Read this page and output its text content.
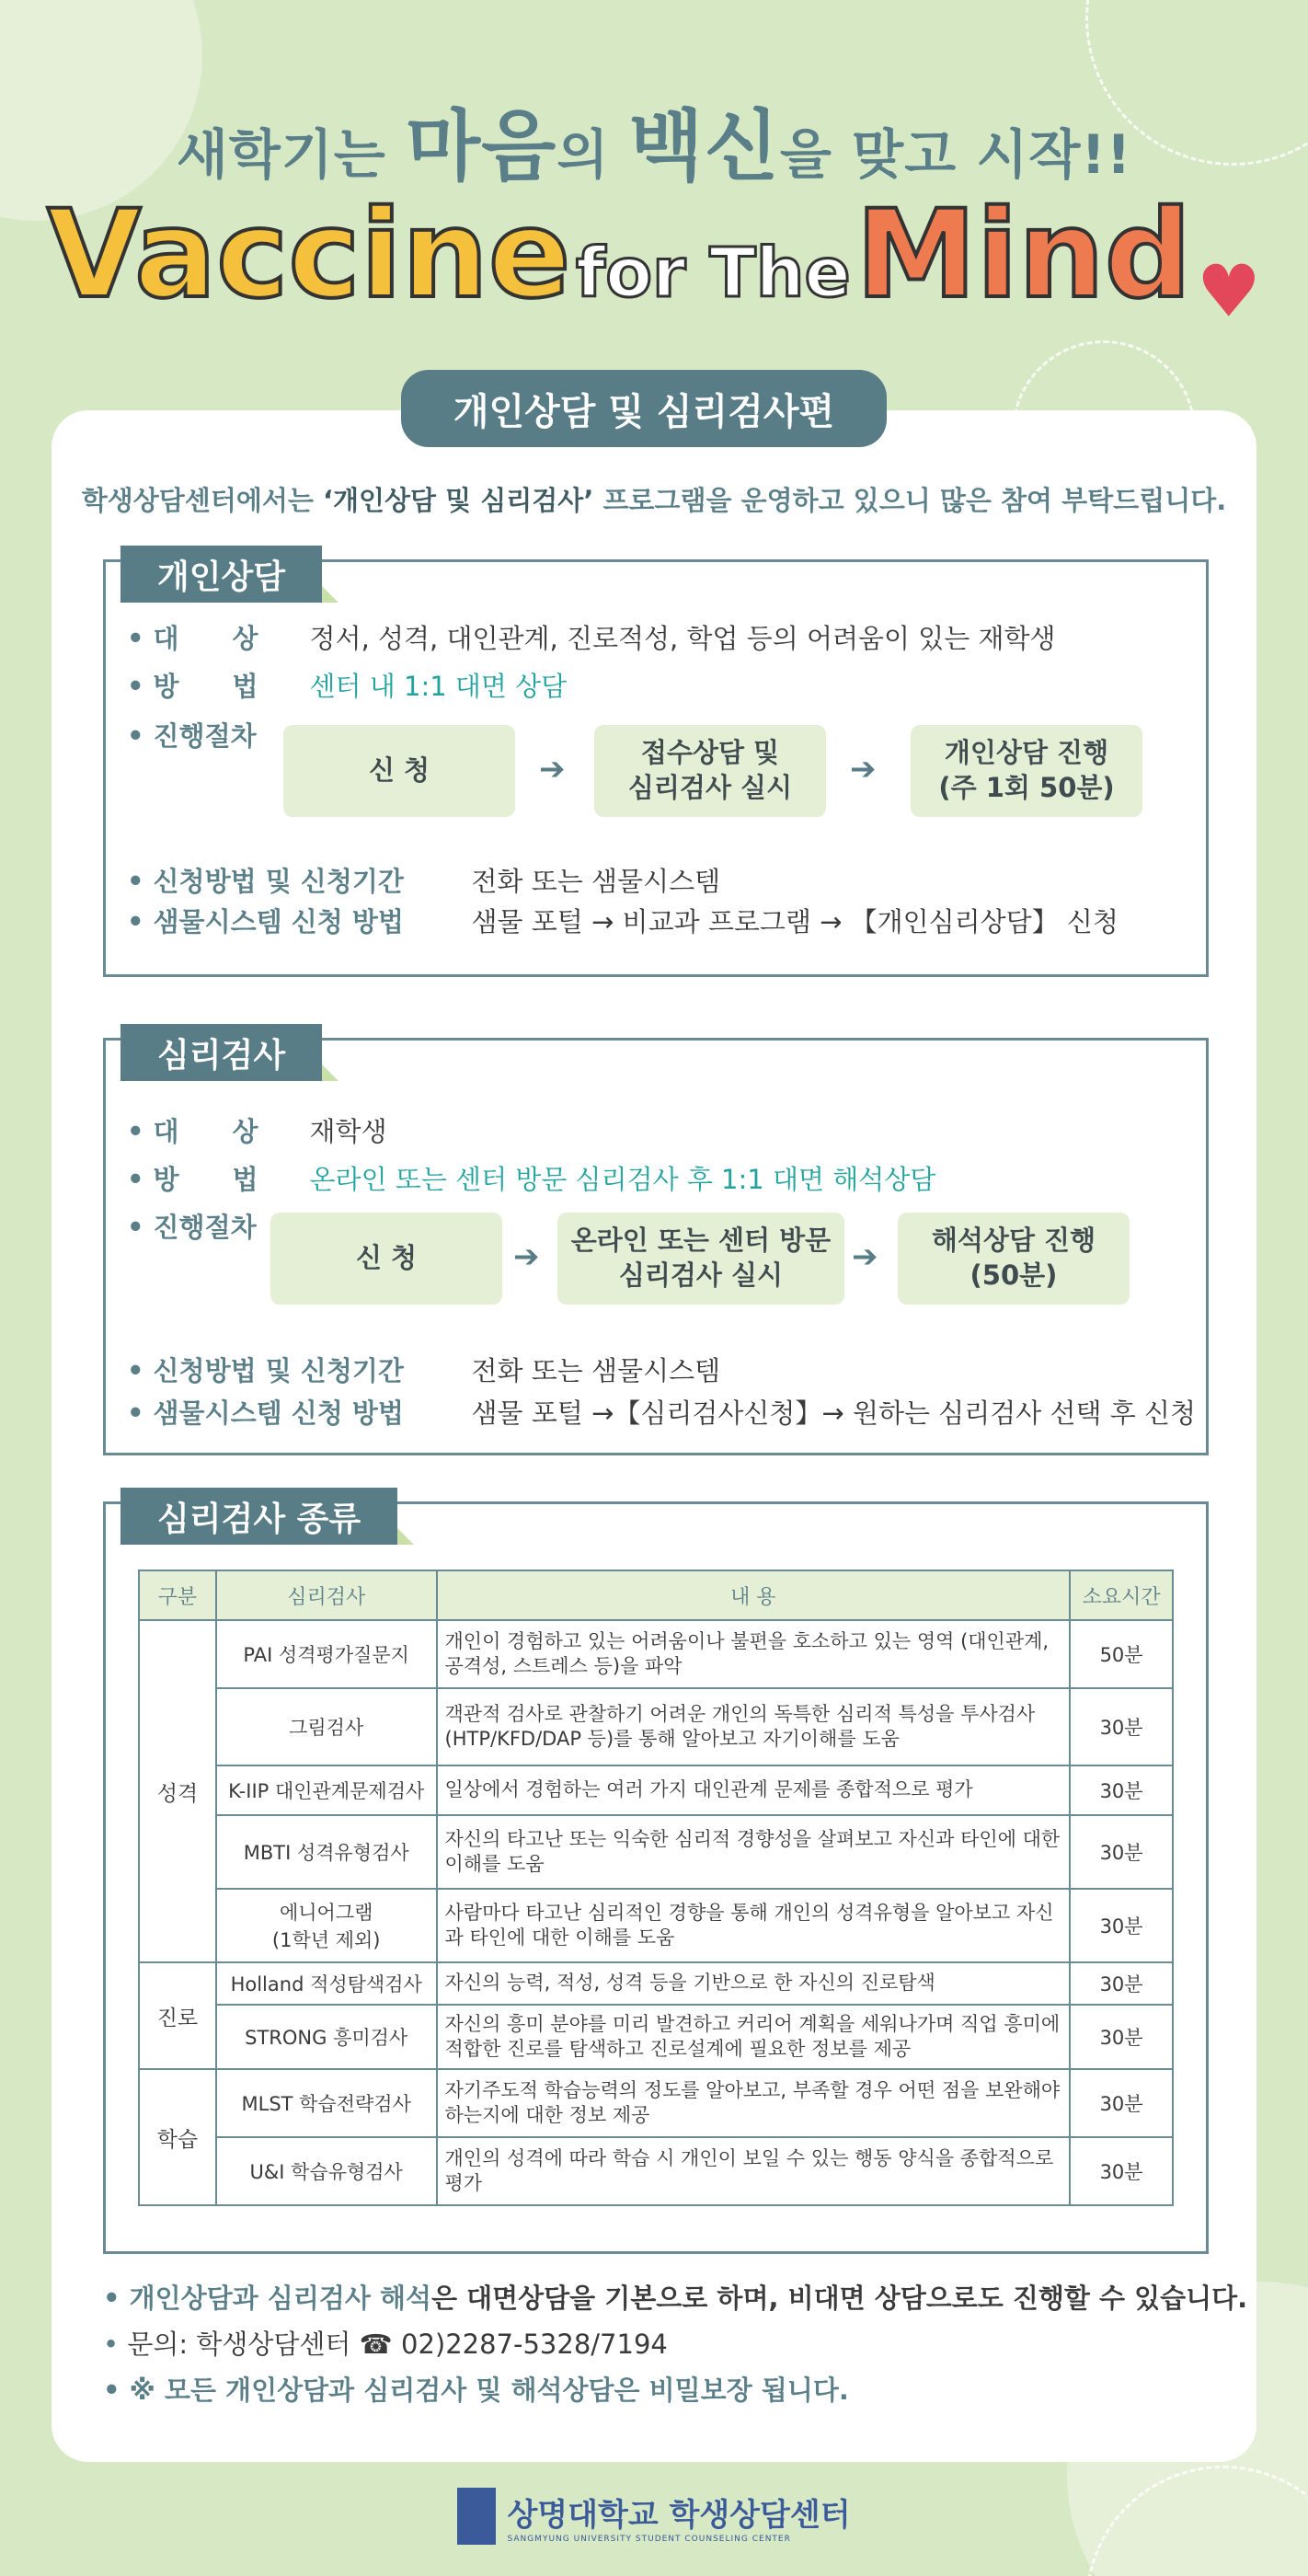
새학기는 마음의 백신을 맞고 시작!!
Vaccine for The Mind ♥
개인상담 및 심리검사편
학생상담센터에서는 ‘개인상담 및 심리검사’ 프로그램을 운영하고 있으니 많은 참여 부탁드립니다.
개인상담
• 대　　상	정서, 성격, 대인관계, 진로적성, 학업 등의 어려움이 있는 재학생
• 방　　법	센터 내 1:1 대면 상담
• 진행절차
신 청	➔	접수상담 및
심리검사 실시 ➔	개인상담 진행
(주 1회 50분)
• 신청방법 및 신청기간	전화 또는 샘물시스템
• 샘물시스템 신청 방법	샘물 포털 → 비교과 프로그램 → 【개인심리상담】 신청
심리검사
• 대　　상	재학생
• 방　　법	온라인 또는 센터 방문 심리검사 후 1:1 대면 해석상담
• 진행절차
신 청	➔ 온라인 또는 센터 방문
심리검사 실시	➔ 해석상담 진행
(50분)
• 신청방법 및 신청기간	전화 또는 샘물시스템
• 샘물시스템 신청 방법	샘물 포털 →【심리검사신청】→ 원하는 심리검사 선택 후 신청
심리검사 종류
구분	심리검사	내 용	소요시간
성격	PAI 성격평가질문지	개인이 경험하고 있는 어려움이나 불편을 호소하고 있는 영역 (대인관계, 공격성, 스트레스 등)을 파악	50분
	그림검사	객관적 검사로 관찰하기 어려운 개인의 독특한 심리적 특성을 투사검사(HTP/KFD/DAP 등)를 통해 알아보고 자기이해를 도움	30분
	K-IIP 대인관계문제검사	일상에서 경험하는 여러 가지 대인관계 문제를 종합적으로 평가	30분
	MBTI 성격유형검사	자신의 타고난 또는 익숙한 심리적 경향성을 살펴보고 자신과 타인에 대한 이해를 도움	30분
	에니어그램
(1학년 제외)	사람마다 타고난 심리적인 경향을 통해 개인의 성격유형을 알아보고 자신과 타인에 대한 이해를 도움	30분
진로	Holland 적성탐색검사	자신의 능력, 적성, 성격 등을 기반으로 한 자신의 진로탐색	30분
	STRONG 흥미검사	자신의 흥미 분야를 미리 발견하고 커리어 계획을 세워나가며 직업 흥미에 적합한 진로를 탐색하고 진로설계에 필요한 정보를 제공	30분
학습	MLST 학습전략검사	자기주도적 학습능력의 정도를 알아보고, 부족할 경우 어떤 점을 보완해야 하는지에 대한 정보 제공	30분
	U&I 학습유형검사	개인의 성격에 따라 학습 시 개인이 보일 수 있는 행동 양식을 종합적으로 평가	30분
• 개인상담과 심리검사 해석은 대면상담을 기본으로 하며, 비대면 상담으로도 진행할 수 있습니다.
• 문의: 학생상담센터 ☎ 02)2287-5328/7194
• ※ 모든 개인상담과 심리검사 및 해석상담은 비밀보장 됩니다.
상명대학교 학생상담센터
SANGMYUNG UNIVERSITY STUDENT COUNSELING CENTER
